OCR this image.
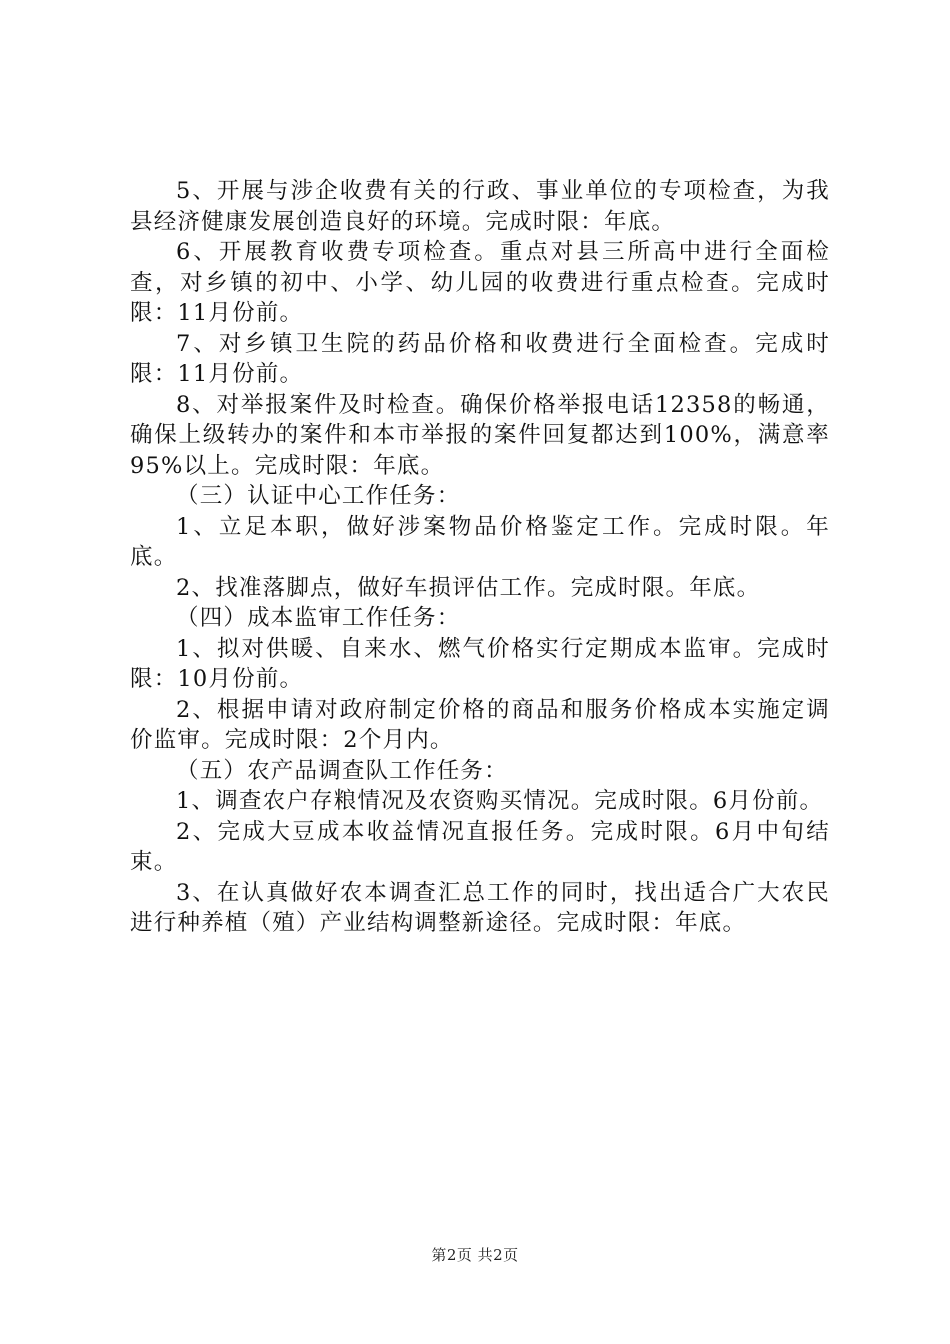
5、开展与涉企收费有关的行政、事业单位的专项检查，为我县经济健康发展创造良好的环境。完成时限：年底。

6、开展教育收费专项检查。重点对县三所高中进行全面检查，对乡镇的初中、小学、幼儿园的收费进行重点检查。完成时限：11月份前。

7、对乡镇卫生院的药品价格和收费进行全面检查。完成时限：11月份前。

8、对举报案件及时检查。确保价格举报电话12358的畅通，确保上级转办的案件和本市举报的案件回复都达到100%，满意率95%以上。完成时限：年底。

（三）认证中心工作任务：

1、立足本职，做好涉案物品价格鉴定工作。完成时限。年底。

2、找准落脚点，做好车损评估工作。完成时限。年底。

（四）成本监审工作任务：

1、拟对供暖、自来水、燃气价格实行定期成本监审。完成时限：10月份前。

2、根据申请对政府制定价格的商品和服务价格成本实施定调价监审。完成时限：2个月内。

（五）农产品调查队工作任务：

1、调查农户存粮情况及农资购买情况。完成时限。6月份前。

2、完成大豆成本收益情况直报任务。完成时限。6月中旬结束。

3、在认真做好农本调查汇总工作的同时，找出适合广大农民进行种养植（殖）产业结构调整新途径。完成时限：年底。

第2页 共2页
